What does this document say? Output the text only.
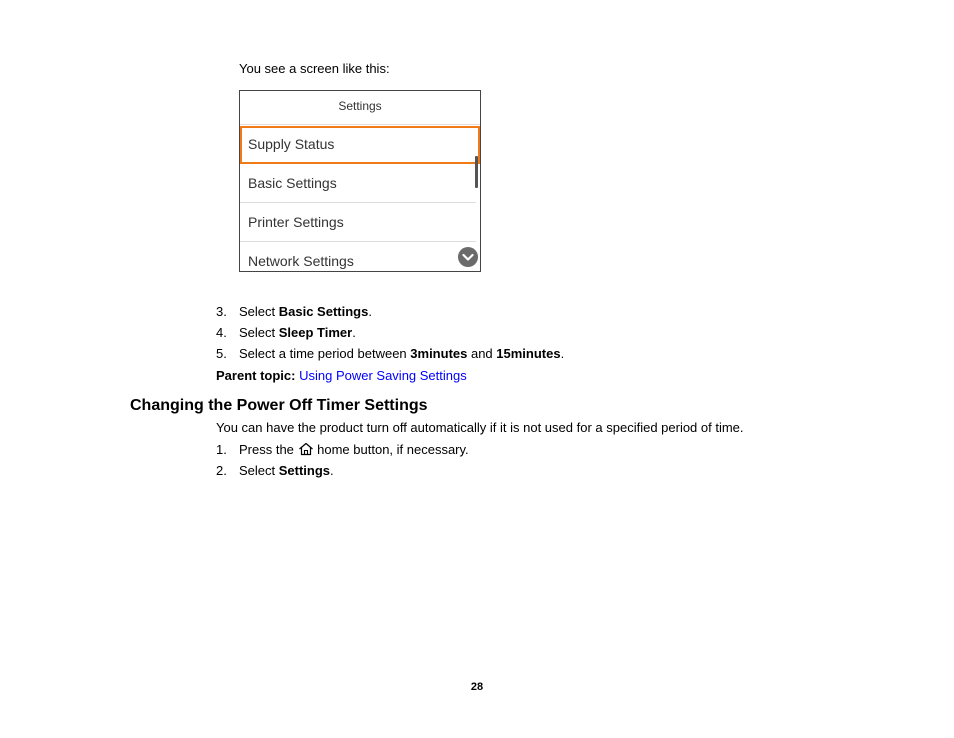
You see a screen like this:
Settings
Supply Status
Basic Settings
Printer Settings
Network Settings
3. Select Basic Settings.
4. Select Sleep Timer.
5. Select a time period between 3minutes and 15minutes.
Parent topic: Using Power Saving Settings
Changing the Power Off Timer Settings
You can have the product turn off automatically if it is not used for a specified period of time.
1. Press the  home button, if necessary.
2. Select Settings.
28
